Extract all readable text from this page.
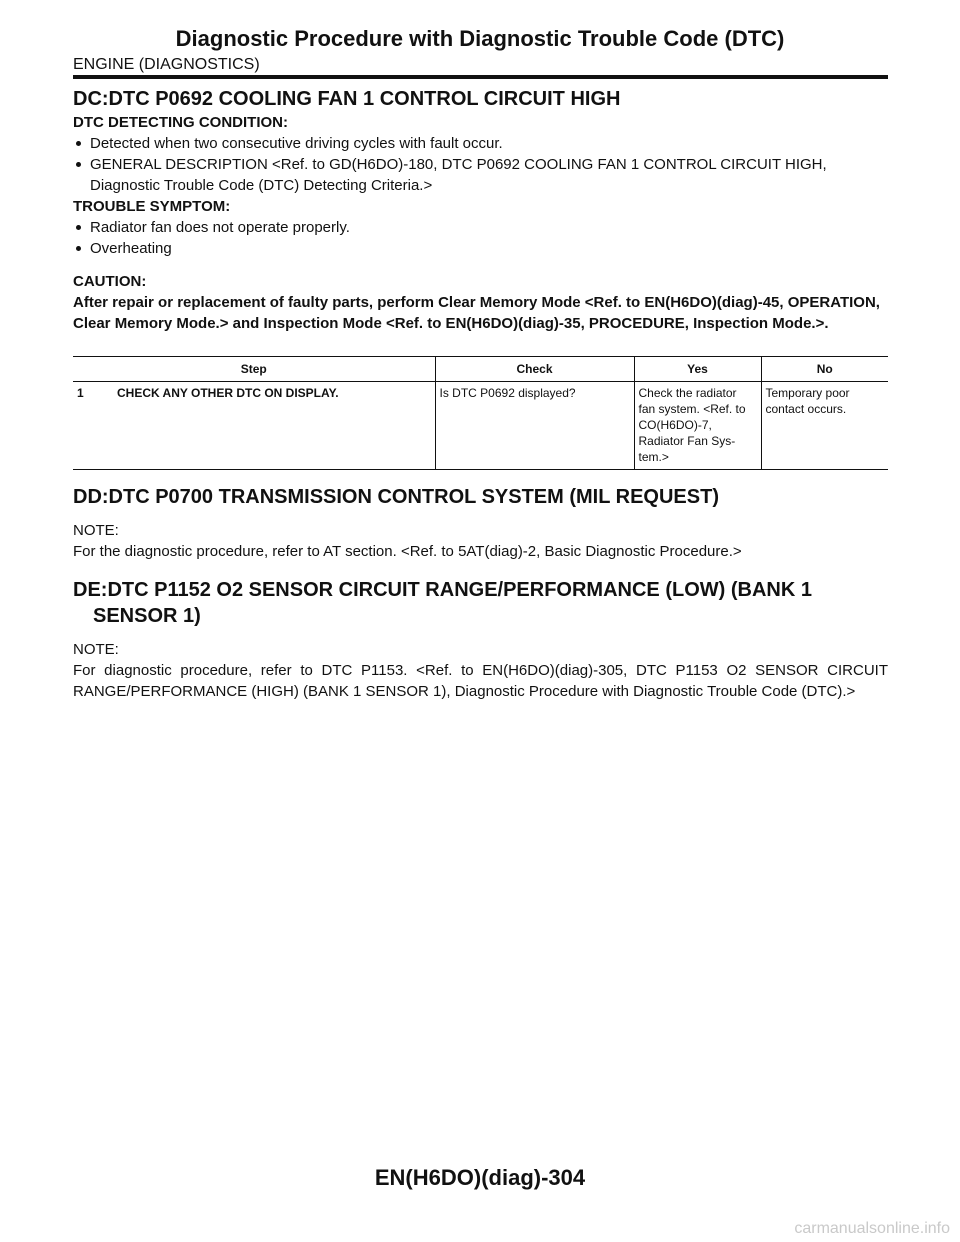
Diagnostic Procedure with Diagnostic Trouble Code (DTC)
ENGINE (DIAGNOSTICS)
DC:DTC P0692 COOLING FAN 1 CONTROL CIRCUIT HIGH
DTC DETECTING CONDITION:
Detected when two consecutive driving cycles with fault occur.
GENERAL DESCRIPTION <Ref. to GD(H6DO)-180, DTC P0692 COOLING FAN 1 CONTROL CIRCUIT HIGH, Diagnostic Trouble Code (DTC) Detecting Criteria.>
TROUBLE SYMPTOM:
Radiator fan does not operate properly.
Overheating
CAUTION:
After repair or replacement of faulty parts, perform Clear Memory Mode <Ref. to EN(H6DO)(diag)-45, OPERATION, Clear Memory Mode.> and Inspection Mode <Ref. to EN(H6DO)(diag)-35, PROCEDURE, Inspection Mode.>.
Step	Check	Yes	No
1 CHECK ANY OTHER DTC ON DISPLAY.	Is DTC P0692 displayed?	Check the radiator fan system. <Ref. to CO(H6DO)-7, Radiator Fan Sys-tem.>	Temporary poor contact occurs.
DD:DTC P0700 TRANSMISSION CONTROL SYSTEM (MIL REQUEST)
NOTE:
For the diagnostic procedure, refer to AT section. <Ref. to 5AT(diag)-2, Basic Diagnostic Procedure.>
DE:DTC P1152 O2 SENSOR CIRCUIT RANGE/PERFORMANCE (LOW) (BANK 1 SENSOR 1)
NOTE:
For diagnostic procedure, refer to DTC P1153. <Ref. to EN(H6DO)(diag)-305, DTC P1153 O2 SENSOR CIRCUIT RANGE/PERFORMANCE (HIGH) (BANK 1 SENSOR 1), Diagnostic Procedure with Diagnostic Trouble Code (DTC).>
EN(H6DO)(diag)-304
carmanualsonline.info
